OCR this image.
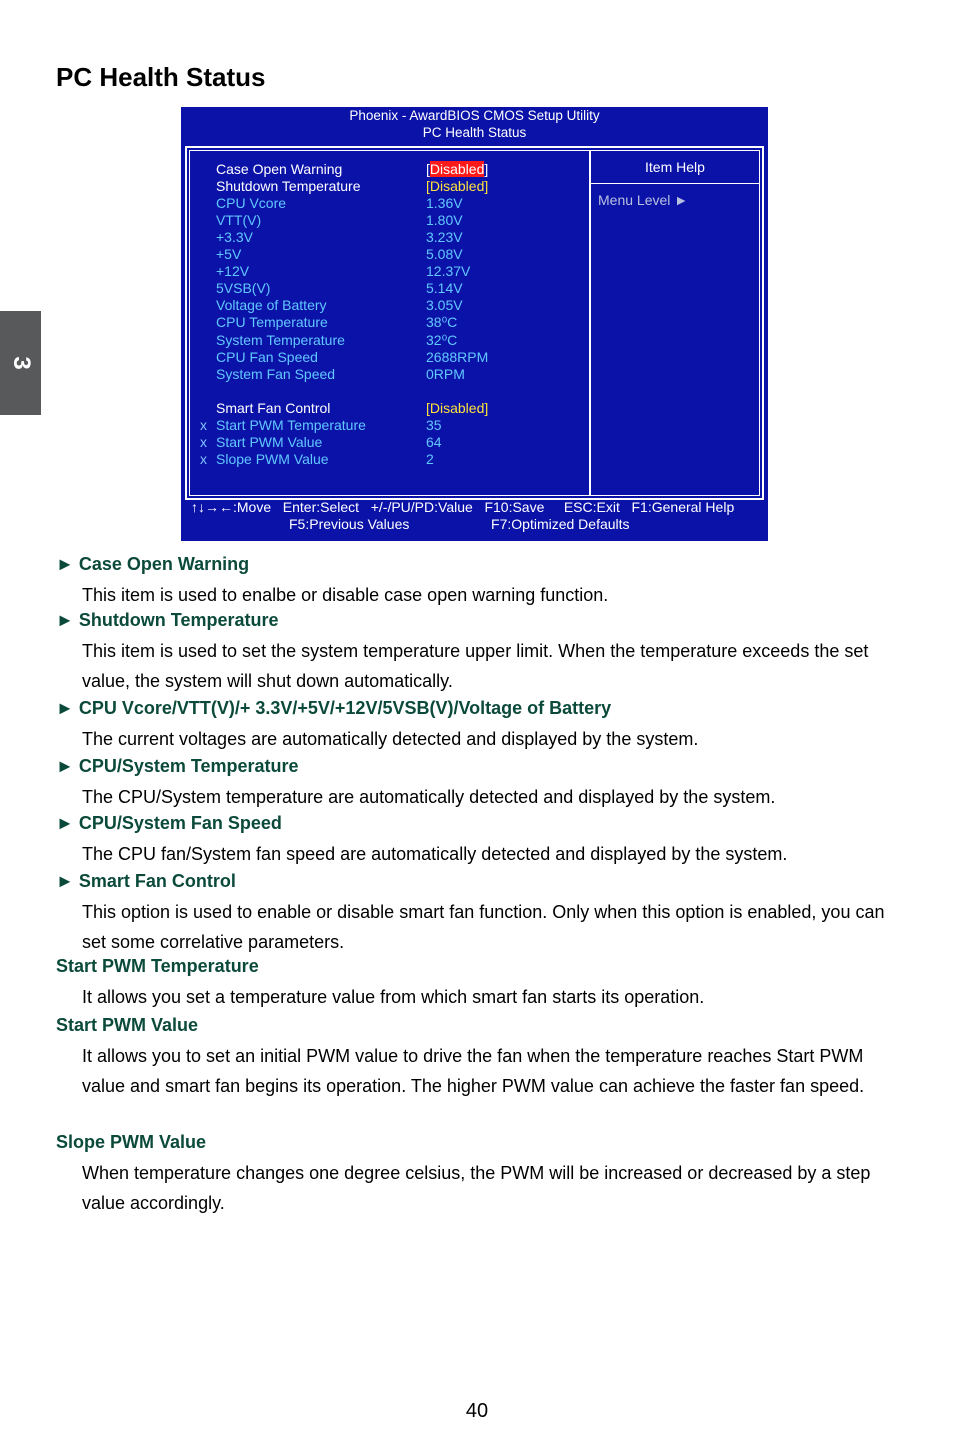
PC Health Status
3
Phoenix - AwardBIOS CMOS Setup Utility
PC Health Status
Case Open Warning	[Disabled]
Shutdown Temperature	[Disabled]
CPU Vcore	1.36V
VTT(V)	1.80V
+3.3V	3.23V
+5V	5.08V
+12V	12.37V
5VSB(V)	5.14V
Voltage of Battery	3.05V
CPU Temperature	38⁰C
System Temperature	32⁰C
CPU Fan Speed	2688RPM
System Fan Speed	0RPM
Smart Fan Control	[Disabled]
x Start PWM Temperature	35
x Start PWM Value	64
x Slope PWM Value	2
Item Help
Menu Level ►
↑↓→←:Move   Enter:Select   +/-/PU/PD:Value   F10:Save     ESC:Exit   F1:General Help
F5:Previous Values                     F7:Optimized Defaults
► Case Open Warning
This item is used to enalbe or disable case open warning function.
► Shutdown Temperature
This item is used to set the system temperature upper limit. When the temperature exceeds the set value, the system will shut down automatically.
► CPU Vcore/VTT(V)/+ 3.3V/+5V/+12V/5VSB(V)/Voltage of Battery
The current voltages are automatically detected and displayed by the system.
► CPU/System Temperature
The CPU/System temperature are automatically detected and displayed by the system.
► CPU/System Fan Speed
The CPU fan/System fan speed are automatically detected and displayed by the system.
► Smart Fan Control
This option is used to enable or disable smart fan function. Only when this option is enabled, you can set some correlative parameters.
Start PWM Temperature
It allows you set a temperature value from which smart fan starts its operation.
Start PWM Value
It allows you to set an initial PWM value to drive the fan when the temperature reaches Start PWM value and smart fan begins its operation. The higher PWM value can achieve the faster fan speed.
Slope PWM Value
When temperature changes one degree celsius, the PWM will be increased or decreased by a step value accordingly.
40
